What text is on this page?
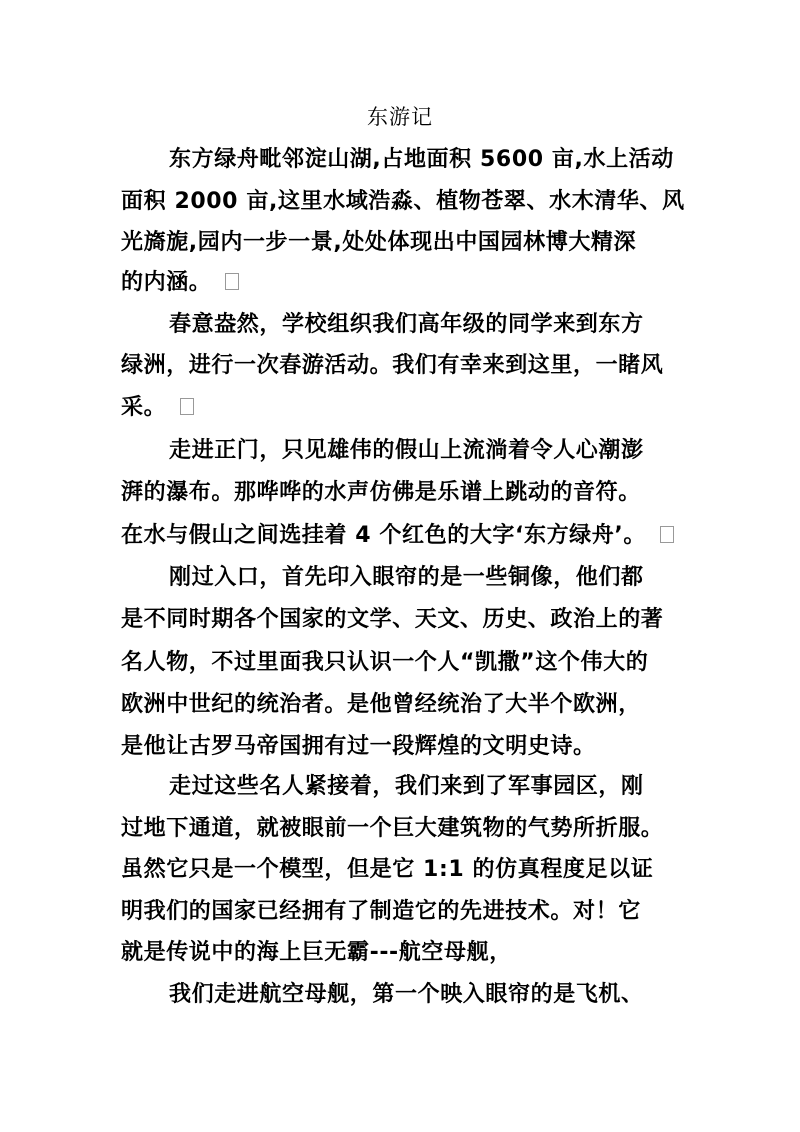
东游记
东方绿舟毗邻淀山湖,占地面积 5600 亩,水上活动
面积 2000 亩,这里水域浩淼、植物苍翠、水木清华、风
光旖旎,园内一步一景,处处体现出中国园林博大精深
的内涵。
春意盎然，学校组织我们高年级的同学来到东方
绿洲，进行一次春游活动。我们有幸来到这里，一睹风
采。
走进正门，只见雄伟的假山上流淌着令人心潮澎
湃的瀑布。那哗哗的水声仿佛是乐谱上跳动的音符。
在水与假山之间选挂着 4 个红色的大字‘东方绿舟’。
刚过入口，首先印入眼帘的是一些铜像，他们都
是不同时期各个国家的文学、天文、历史、政治上的著
名人物，不过里面我只认识一个人“凯撒”这个伟大的
欧洲中世纪的统治者。是他曾经统治了大半个欧洲，
是他让古罗马帝国拥有过一段辉煌的文明史诗。
走过这些名人紧接着，我们来到了军事园区，刚
过地下通道，就被眼前一个巨大建筑物的气势所折服。
虽然它只是一个模型，但是它 1:1 的仿真程度足以证
明我们的国家已经拥有了制造它的先进技术。对！它
就是传说中的海上巨无霸---航空母舰，
我们走进航空母舰，第一个映入眼帘的是飞机、
